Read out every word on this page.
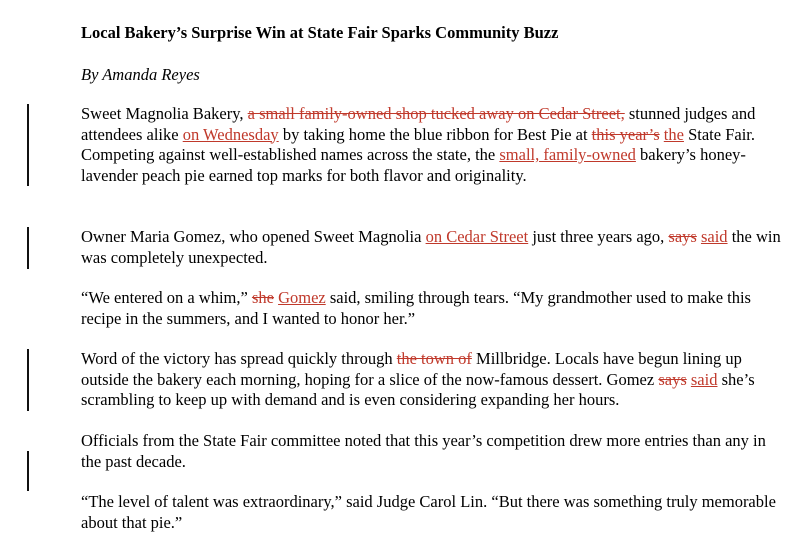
Local Bakery’s Surprise Win at State Fair Sparks Community Buzz
By Amanda Reyes
Sweet Magnolia Bakery, a small family-owned shop tucked away on Cedar Street, stunned judges and attendees alike on Wednesday by taking home the blue ribbon for Best Pie at this year’s the State Fair. Competing against well-established names across the state, the small, family-owned bakery’s honey-lavender peach pie earned top marks for both flavor and originality.
Owner Maria Gomez, who opened Sweet Magnolia on Cedar Street just three years ago, says said the win was completely unexpected.
“We entered on a whim,” she Gomez said, smiling through tears. “My grandmother used to make this recipe in the summers, and I wanted to honor her.”
Word of the victory has spread quickly through the town of Millbridge. Locals have begun lining up outside the bakery each morning, hoping for a slice of the now-famous dessert. Gomez says said she’s scrambling to keep up with demand and is even considering expanding her hours.
Officials from the State Fair committee noted that this year’s competition drew more entries than any in the past decade.
“The level of talent was extraordinary,” said Judge Carol Lin. “But there was something truly memorable about that pie.”
